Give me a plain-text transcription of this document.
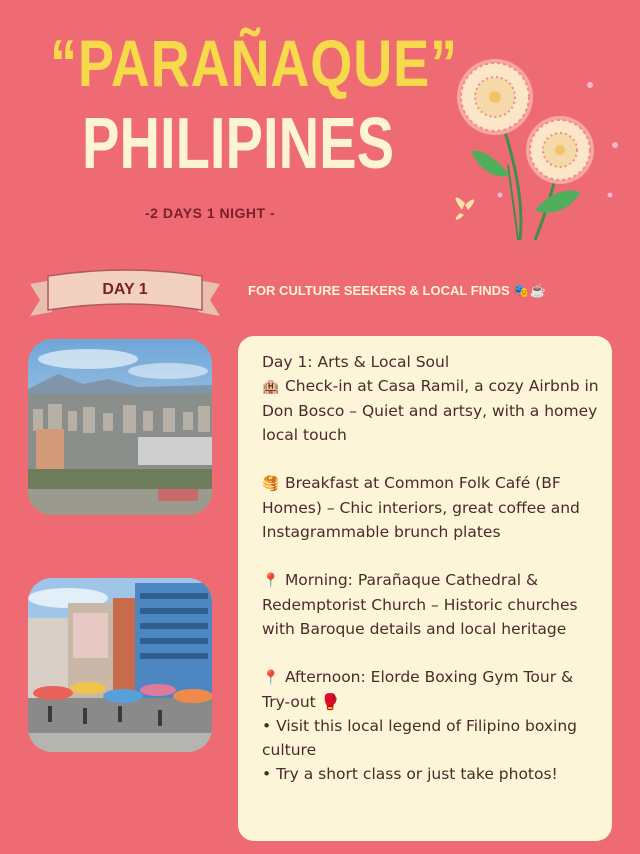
“PARAÑAQUE”
PHILIPINES
-2 DAYS 1 NIGHT -
DAY 1	FOR CULTURE SEEKERS & LOCAL FINDS 🎭☕

Day 1: Arts & Local Soul

🏨 Check-in at Casa Ramil, a cozy Airbnb in Don Bosco – Quiet and artsy, with a homey local touch

🥞 Breakfast at Common Folk Café (BF Homes) – Chic interiors, great coffee and Instagrammable brunch plates

📍 Morning: Parañaque Cathedral & Redemptorist Church – Historic churches with Baroque details and local heritage

📍 Afternoon: Elorde Boxing Gym Tour & Try-out 🥊

• Visit this local legend of Filipino boxing culture

• Try a short class or just take photos!
